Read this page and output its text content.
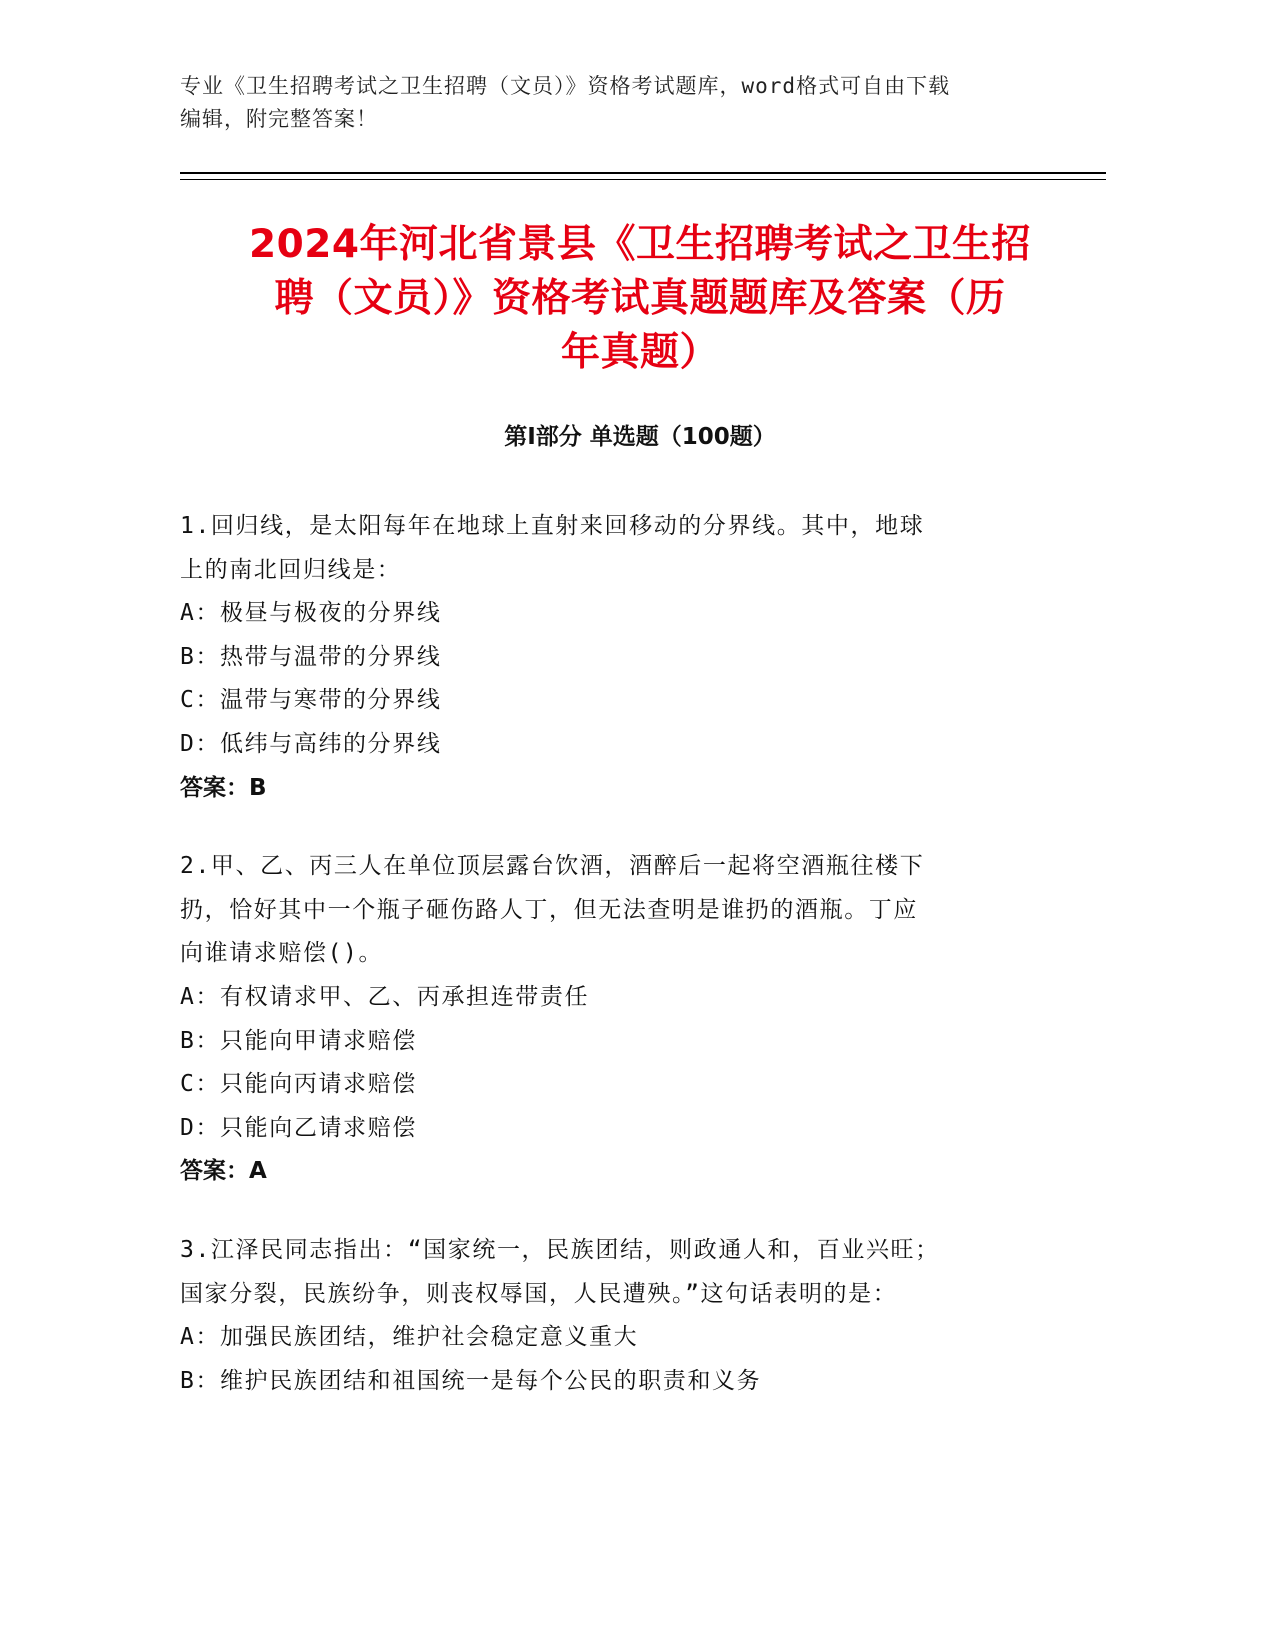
专业《卫生招聘考试之卫生招聘（文员）》资格考试题库，word格式可自由下载
编辑，附完整答案！
2024年河北省景县《卫生招聘考试之卫生招
聘（文员）》资格考试真题题库及答案（历
年真题）
第Ⅰ部分 单选题（100题）
1.回归线，是太阳每年在地球上直射来回移动的分界线。其中，地球
上的南北回归线是：
A：极昼与极夜的分界线
B：热带与温带的分界线
C：温带与寒带的分界线
D：低纬与高纬的分界线
答案：B
2.甲、乙、丙三人在单位顶层露台饮酒，酒醉后一起将空酒瓶往楼下
扔，恰好其中一个瓶子砸伤路人丁，但无法查明是谁扔的酒瓶。丁应
向谁请求赔偿()。
A：有权请求甲、乙、丙承担连带责任
B：只能向甲请求赔偿
C：只能向丙请求赔偿
D：只能向乙请求赔偿
答案：A
3.江泽民同志指出：“国家统一，民族团结，则政通人和，百业兴旺；
国家分裂，民族纷争，则丧权辱国，人民遭殃。”这句话表明的是：
A：加强民族团结，维护社会稳定意义重大
B：维护民族团结和祖国统一是每个公民的职责和义务
